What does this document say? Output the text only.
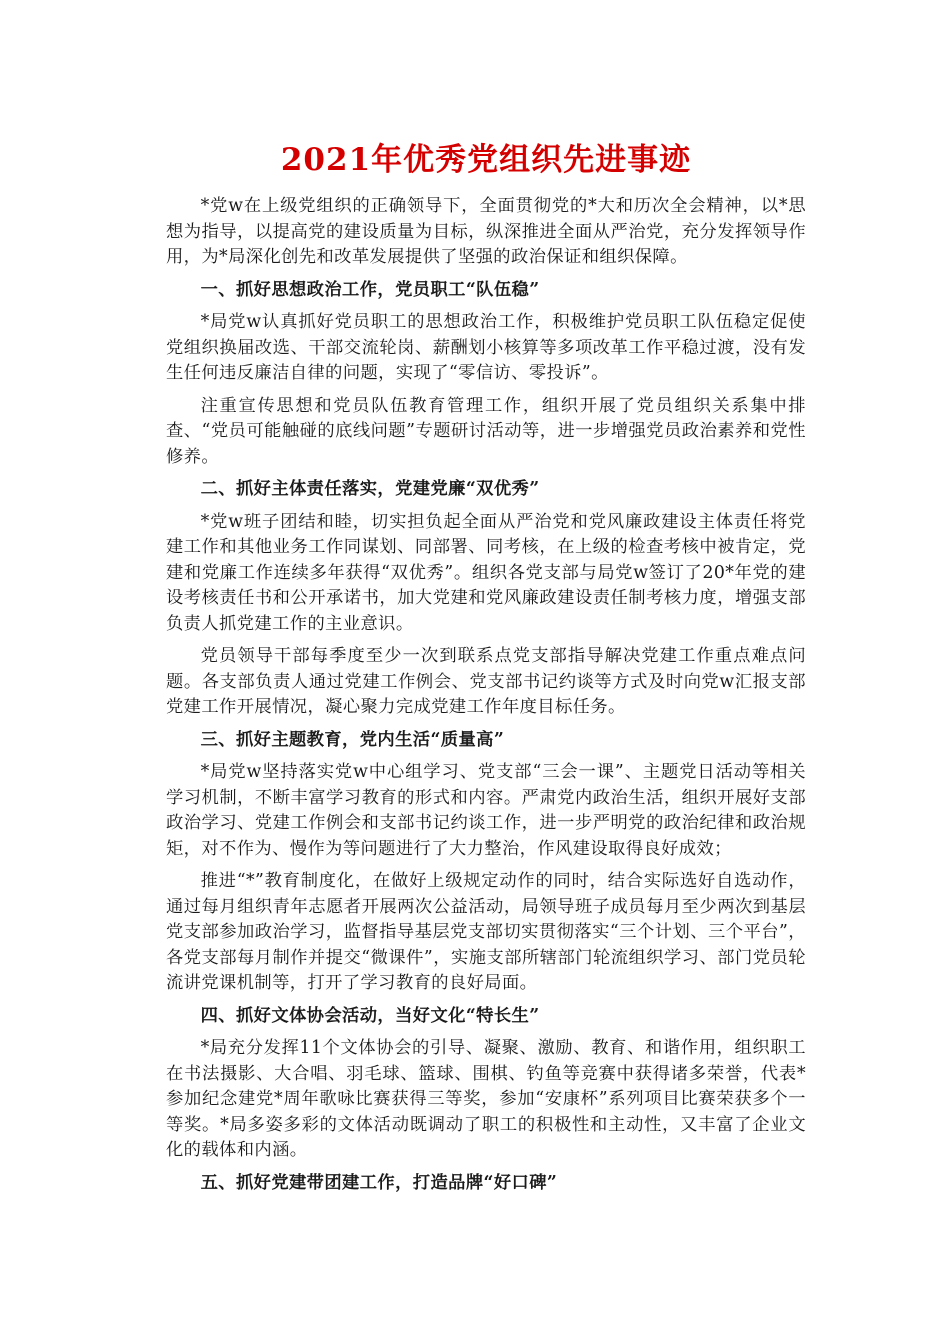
2021年优秀党组织先进事迹

*党w在上级党组织的正确领导下，全面贯彻党的*大和历次全会精神，以*思想为指导，以提高党的建设质量为目标，纵深推进全面从严治党，充分发挥领导作用，为*局深化创先和改革发展提供了坚强的政治保证和组织保障。

一、抓好思想政治工作，党员职工“队伍稳”

*局党w认真抓好党员职工的思想政治工作，积极维护党员职工队伍稳定促使党组织换届改选、干部交流轮岗、薪酬划小核算等多项改革工作平稳过渡，没有发生任何违反廉洁自律的问题，实现了“零信访、零投诉”。

注重宣传思想和党员队伍教育管理工作，组织开展了党员组织关系集中排查、“党员可能触碰的底线问题”专题研讨活动等，进一步增强党员政治素养和党性修养。

二、抓好主体责任落实，党建党廉“双优秀”

*党w班子团结和睦，切实担负起全面从严治党和党风廉政建设主体责任将党建工作和其他业务工作同谋划、同部署、同考核，在上级的检查考核中被肯定，党建和党廉工作连续多年获得“双优秀”。组织各党支部与局党w签订了20*年党的建设考核责任书和公开承诺书，加大党建和党风廉政建设责任制考核力度，增强支部负责人抓党建工作的主业意识。

党员领导干部每季度至少一次到联系点党支部指导解决党建工作重点难点问题。各支部负责人通过党建工作例会、党支部书记约谈等方式及时向党w汇报支部党建工作开展情况，凝心聚力完成党建工作年度目标任务。

三、抓好主题教育，党内生活“质量高”

*局党w坚持落实党w中心组学习、党支部“三会一课”、主题党日活动等相关学习机制，不断丰富学习教育的形式和内容。严肃党内政治生活，组织开展好支部政治学习、党建工作例会和支部书记约谈工作，进一步严明党的政治纪律和政治规矩，对不作为、慢作为等问题进行了大力整治，作风建设取得良好成效；

推进“*”教育制度化，在做好上级规定动作的同时，结合实际选好自选动作，通过每月组织青年志愿者开展两次公益活动，局领导班子成员每月至少两次到基层党支部参加政治学习，监督指导基层党支部切实贯彻落实“三个计划、三个平台”，各党支部每月制作并提交“微课件”，实施支部所辖部门轮流组织学习、部门党员轮流讲党课机制等，打开了学习教育的良好局面。

四、抓好文体协会活动，当好文化“特长生”

*局充分发挥11个文体协会的引导、凝聚、激励、教育、和谐作用，组织职工在书法摄影、大合唱、羽毛球、篮球、围棋、钓鱼等竞赛中获得诸多荣誉，代表*参加纪念建党*周年歌咏比赛获得三等奖，参加“安康杯”系列项目比赛荣获多个一等奖。*局多姿多彩的文体活动既调动了职工的积极性和主动性，又丰富了企业文化的载体和内涵。

五、抓好党建带团建工作，打造品牌“好口碑”
